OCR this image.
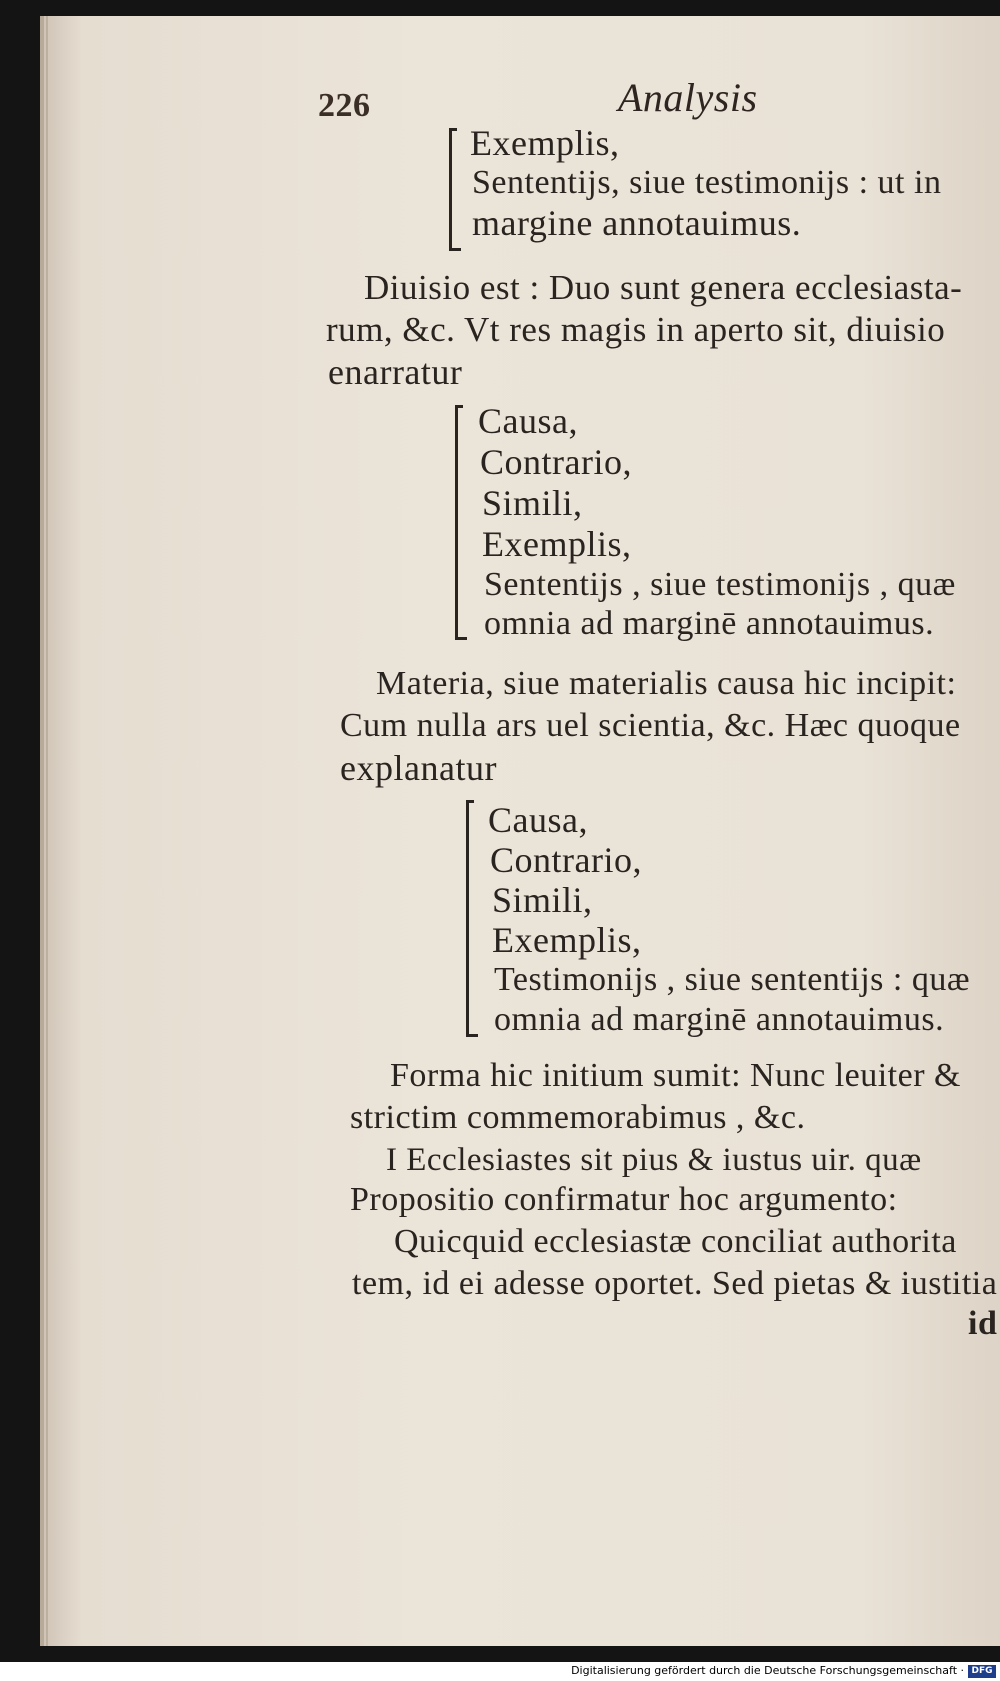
226	Analysis
Exemplis,
Sententijs, siue testimonijs : ut in
margine annotauimus.
Diuisio est : Duo sunt genera ecclesiasta-
rum, &c. Vt res magis in aperto sit, diuisio
enarratur
Causa,
Contrario,
Simili,
Exemplis,
Sententijs , siue testimonijs , quæ
omnia ad marginē annotauimus.
Materia, siue materialis causa hic incipit:
Cum nulla ars uel scientia, &c. Hæc quoque
explanatur
Causa,
Contrario,
Simili,
Exemplis,
Testimonijs , siue sententijs : quæ
omnia ad marginē annotauimus.
Forma hic initium sumit: Nunc leuiter &
strictim commemorabimus , &c.
I Ecclesiastes sit pius & iustus uir. quæ
Propositio confirmatur hoc argumento:
Quicquid ecclesiastæ conciliat authorita
tem, id ei adesse oportet. Sed pietas & iustitia
id
Digitalisierung gefördert durch die Deutsche Forschungsgemeinschaft · DFG
